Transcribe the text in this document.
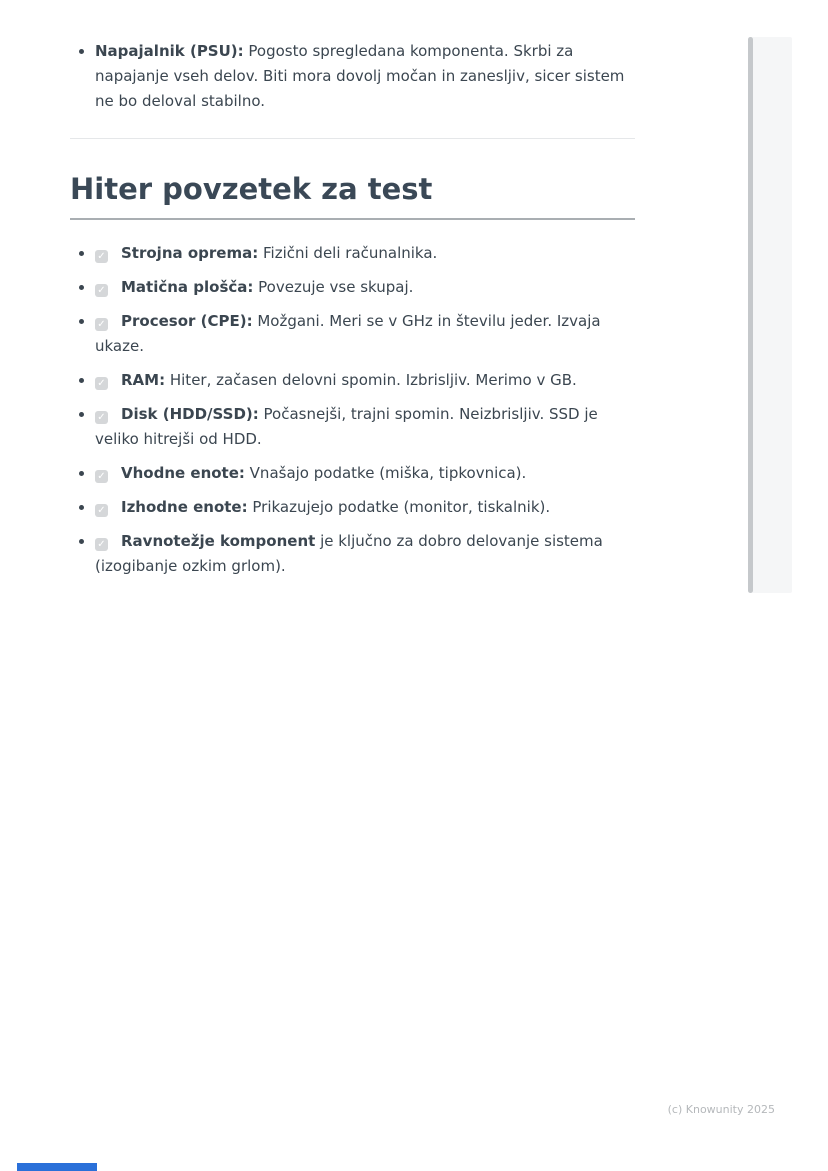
Napajalnik (PSU): Pogosto spregledana komponenta. Skrbi za napajanje vseh delov. Biti mora dovolj močan in zanesljiv, sicer sistem ne bo deloval stabilno.
Hiter povzetek za test
✓ Strojna oprema: Fizični deli računalnika.
✓ Matična plošča: Povezuje vse skupaj.
✓ Procesor (CPE): Možgani. Meri se v GHz in številu jeder. Izvaja ukaze.
✓ RAM: Hiter, začasen delovni spomin. Izbrisljiv. Merimo v GB.
✓ Disk (HDD/SSD): Počasnejši, trajni spomin. Neizbrisljiv. SSD je veliko hitrejši od HDD.
✓ Vhodne enote: Vnašajo podatke (miška, tipkovnica).
✓ Izhodne enote: Prikazujejo podatke (monitor, tiskalnik).
✓ Ravnotežje komponent je ključno za dobro delovanje sistema (izogibanje ozkim grlom).
(c) Knowunity 2025
